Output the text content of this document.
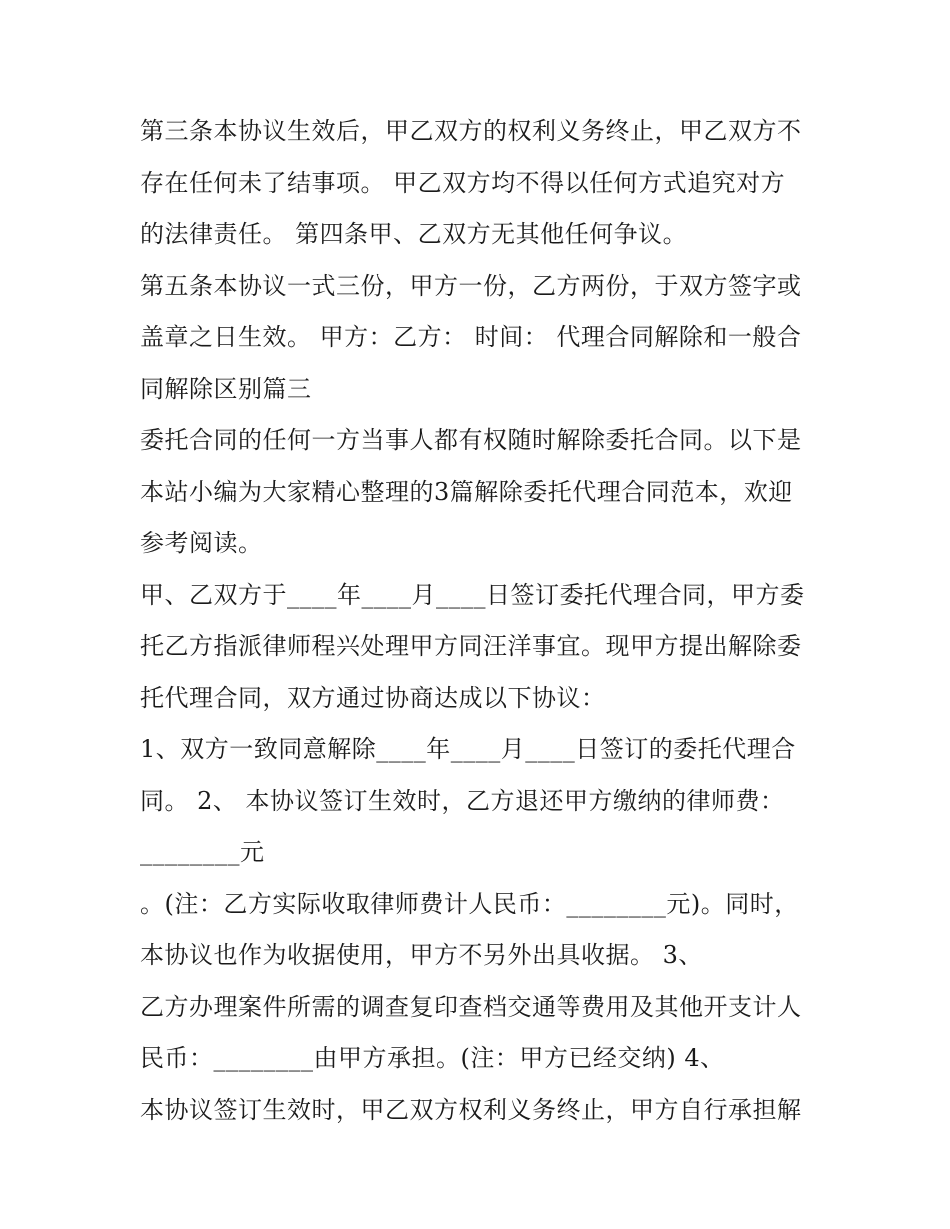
第三条本协议生效后，甲乙双方的权利义务终止，甲乙双方不
存在任何未了结事项。 甲乙双方均不得以任何方式追究对方
的法律责任。 第四条甲、乙双方无其他任何争议。
第五条本协议一式三份，甲方一份，乙方两份，于双方签字或
盖章之日生效。 甲方：乙方： 时间： 代理合同解除和一般合
同解除区别篇三
委托合同的任何一方当事人都有权随时解除委托合同。以下是
本站小编为大家精心整理的3篇解除委托代理合同范本，欢迎
参考阅读。
甲、乙双方于____年____月____日签订委托代理合同，甲方委
托乙方指派律师程兴处理甲方同汪洋事宜。现甲方提出解除委
托代理合同，双方通过协商达成以下协议：
1、双方一致同意解除____年____月____日签订的委托代理合
同。 2、 本协议签订生效时，乙方退还甲方缴纳的律师费：
________元
。(注：乙方实际收取律师费计人民币：________元)。同时，
本协议也作为收据使用，甲方不另外出具收据。 3、
乙方办理案件所需的调查复印查档交通等费用及其他开支计人
民币：________由甲方承担。(注：甲方已经交纳) 4、
本协议签订生效时，甲乙双方权利义务终止，甲方自行承担解
